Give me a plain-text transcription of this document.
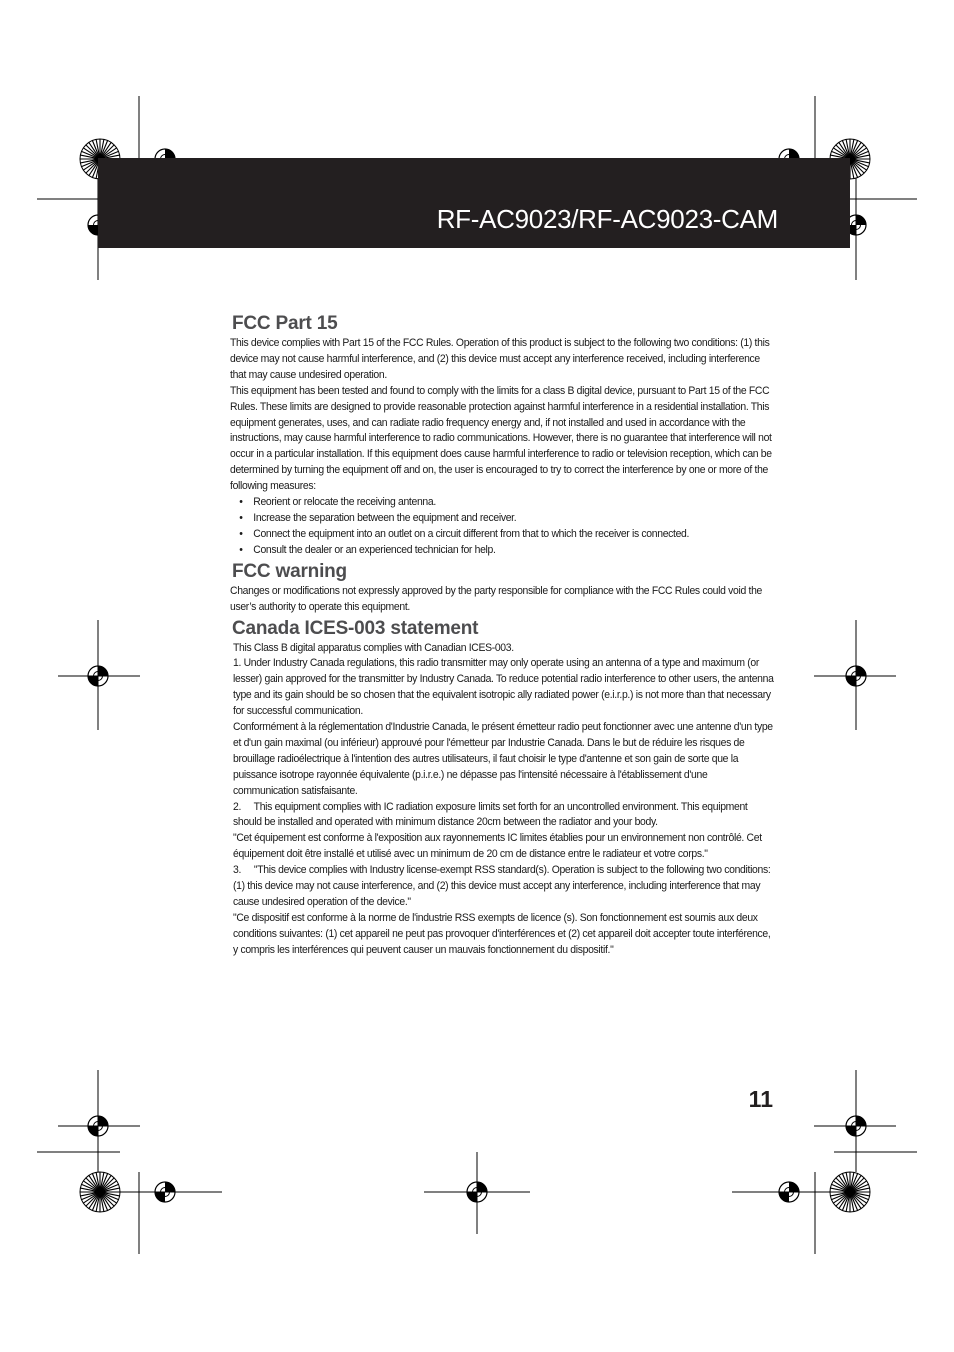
RF-AC9023/RF-AC9023-CAM
FCC Part 15

This device complies with Part 15 of the FCC Rules. Operation of this product is subject to the following two conditions: (1) this device may not cause harmful interference, and (2) this device must accept any interference received, including interference that may cause undesired operation.

This equipment has been tested and found to comply with the limits for a class B digital device, pursuant to Part 15 of the FCC Rules. These limits are designed to provide reasonable protection against harmful interference in a residential installation. This equipment generates, uses, and can radiate radio frequency energy and, if not installed and used in accordance with the instructions, may cause harmful interference to radio communications. However, there is no guarantee that interference will not occur in a particular installation. If this equipment does cause harmful interference to radio or television reception, which can be determined by turning the equipment off and on, the user is encouraged to try to correct the interference by one or more of the following measures:

• Reorient or relocate the receiving antenna.
• Increase the separation between the equipment and receiver.
• Connect the equipment into an outlet on a circuit different from that to which the receiver is connected.
• Consult the dealer or an experienced technician for help.
FCC warning

Changes or modifications not expressly approved by the party responsible for compliance with the FCC Rules could void the user’s authority to operate this equipment.

Canada ICES-003 statement

This Class B digital apparatus complies with Canadian ICES-003.

1. Under Industry Canada regulations, this radio transmitter may only operate using an antenna of a type and maximum (or lesser) gain approved for the transmitter by Industry Canada. To reduce potential radio interference to other users, the antenna type and its gain should be so chosen that the equivalent isotropic ally radiated power (e.i.r.p.) is not more than that necessary for successful communication.

Conformément à la réglementation d'Industrie Canada, le présent émetteur radio peut fonctionner avec une antenne d'un type et d'un gain maximal (ou inférieur) approuvé pour l'émetteur par Industrie Canada. Dans le but de réduire les risques de brouillage radioélectrique à l'intention des autres utilisateurs, il faut choisir le type d'antenne et son gain de sorte que la puissance isotrope rayonnée équivalente (p.i.r.e.) ne dépasse pas l'intensité nécessaire à l'établissement d'une communication satisfaisante.

2.     This equipment complies with IC radiation exposure limits set forth for an uncontrolled environment. This equipment should be installed and operated with minimum distance 20cm between the radiator and your body.

"Cet équipement est conforme à l'exposition aux rayonnements IC limites établies pour un environnement non contrôlé. Cet équipement doit être installé et utilisé avec un minimum de 20 cm de distance entre le radiateur et votre corps."

3.     "This device complies with Industry license-exempt RSS standard(s). Operation is subject to the following two conditions: (1) this device may not cause interference, and (2) this device must accept any interference, including interference that may cause undesired operation of the device."

"Ce dispositif est conforme à la norme de l'industrie RSS exempts de licence (s). Son fonctionnement est soumis aux deux conditions suivantes: (1) cet appareil ne peut pas provoquer d'interférences et (2) cet appareil doit accepter toute interférence, y compris les interférences qui peuvent causer un mauvais fonctionnement du dispositif."

11
